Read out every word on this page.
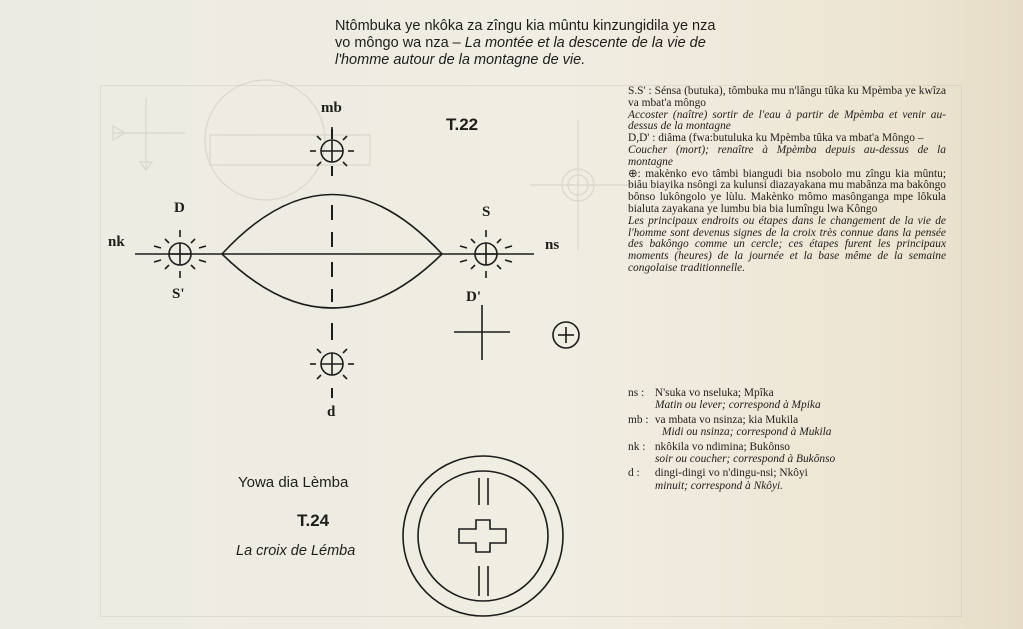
Ntômbuka ye nkôka za zîngu kia mûntu kinzungidila ye nza
vo môngo wa nza – La montée et la descente de la vie de
l'homme autour de la montagne de vie.
T.22
mb
nk	ns
d
D	S
S'	D'
Yowa dia Lèmba
T.24
La croix de Lémba

S.S' : Sénsa (butuka), tômbuka mu n'lângu tûka ku Mpèmba ye kwîza va mbat'a môngo

Accoster (naître) sortir de l'eau à partir de Mpèmba et venir au-dessus de la montagne

D,D' : diâma (fwa:butuluka ku Mpèmba tûka va mbat'a Môngo –

Coucher (mort); renaître à Mpèmba depuis au-dessus de la montagne

⊕: makènko evo tâmbi biangudi bia nsobolo mu zîngu kia mûntu; biâu biayika nsôngi za kulunsi diazayakana mu mabânza ma bakôngo bônso lukôngolo ye lùlu. Makènko mômo masônganga mpe lôkula bialuta zayakana ye lumbu bia bia lumîngu lwa Kôngo

Les principaux endroits ou étapes dans le changement de la vie de l'homme sont devenus signes de la croix très connue dans la pensée des bakôngo comme un cercle; ces étapes furent les principaux moments (heures) de la journée et la base même de la semaine congolaise traditionnelle.

ns : N'suka vo nseluka; Mpîka
Matin ou lever; correspond à Mpika
mb : va mbata vo nsinza; kia Mukila
Midi ou nsinza; correspond à Mukila
nk : nkôkila vo ndimina; Bukônso
soir ou coucher; correspond à Bukônso
d : dingi-dingi vo n'dingu-nsi; Nkôyi
minuit; correspond à Nkôyi.
